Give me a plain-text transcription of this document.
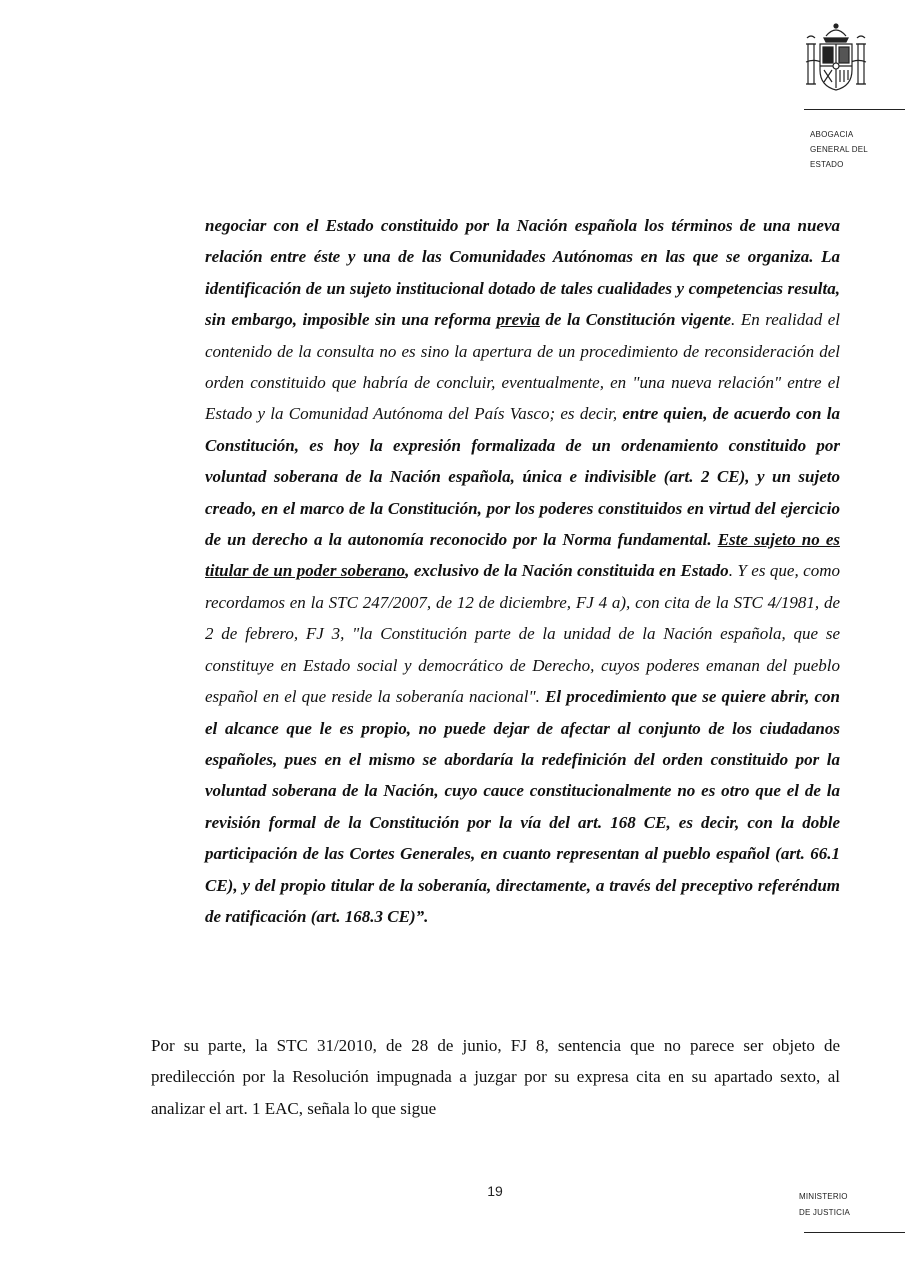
ABOGACIA
GENERAL DEL
ESTADO
negociar con el Estado constituido por la Nación española los términos de una nueva relación entre éste y una de las Comunidades Autónomas en las que se organiza. La identificación de un sujeto institucional dotado de tales cualidades y competencias resulta, sin embargo, imposible sin una reforma previa de la Constitución vigente. En realidad el contenido de la consulta no es sino la apertura de un procedimiento de reconsideración del orden constituido que habría de concluir, eventualmente, en "una nueva relación" entre el Estado y la Comunidad Autónoma del País Vasco; es decir, entre quien, de acuerdo con la Constitución, es hoy la expresión formalizada de un ordenamiento constituido por voluntad soberana de la Nación española, única e indivisible (art. 2 CE), y un sujeto creado, en el marco de la Constitución, por los poderes constituidos en virtud del ejercicio de un derecho a la autonomía reconocido por la Norma fundamental. Este sujeto no es titular de un poder soberano, exclusivo de la Nación constituida en Estado. Y es que, como recordamos en la STC 247/2007, de 12 de diciembre, FJ 4 a), con cita de la STC 4/1981, de 2 de febrero, FJ 3, "la Constitución parte de la unidad de la Nación española, que se constituye en Estado social y democrático de Derecho, cuyos poderes emanan del pueblo español en el que reside la soberanía nacional". El procedimiento que se quiere abrir, con el alcance que le es propio, no puede dejar de afectar al conjunto de los ciudadanos españoles, pues en el mismo se abordaría la redefinición del orden constituido por la voluntad soberana de la Nación, cuyo cauce constitucionalmente no es otro que el de la revisión formal de la Constitución por la vía del art. 168 CE, es decir, con la doble participación de las Cortes Generales, en cuanto representan al pueblo español (art. 66.1 CE), y del propio titular de la soberanía, directamente, a través del preceptivo referéndum de ratificación (art. 168.3 CE)”.
Por su parte, la STC 31/2010, de 28 de junio, FJ 8, sentencia que no parece ser objeto de predilección por la Resolución impugnada a juzgar por su expresa cita en su apartado sexto, al analizar el art. 1 EAC, señala lo que sigue
19	MINISTERIO
DE JUSTICIA
